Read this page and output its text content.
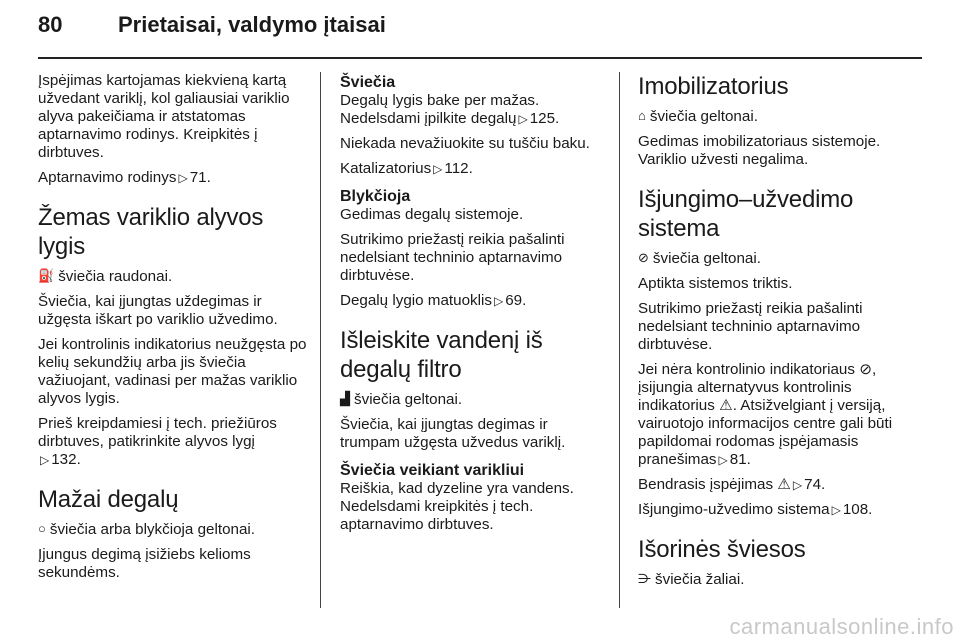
80	Prietaisai, valdymo įtaisai

Įspėjimas kartojamas kiekvieną kartą užvedant variklį, kol galiausiai variklio alyva pakeičiama ir atstatomas aptarnavimo rodinys. Kreipkitės į dirbtuves.

Aptarnavimo rodinys ▷ 71.

Žemas variklio alyvos lygis

⛽ šviečia raudonai.

Šviečia, kai įjungtas uždegimas ir užgęsta iškart po variklio užvedimo.

Jei kontrolinis indikatorius neužgęsta po kelių sekundžių arba jis šviečia važiuojant, vadinasi per mažas variklio alyvos lygis.

Prieš kreipdamiesi į tech. priežiūros dirbtuves, patikrinkite alyvos lygį
▷ 132.

Mažai degalų

○ šviečia arba blykčioja geltonai.

Įjungus degimą įsižiebs kelioms sekundėms.

Šviečia

Degalų lygis bake per mažas.
Nedelsdami įpilkite degalų ▷ 125.

Niekada nevažiuokite su tuščiu baku.

Katalizatorius ▷ 112.

Blykčioja

Gedimas degalų sistemoje.

Sutrikimo priežastį reikia pašalinti nedelsiant techninio aptarnavimo dirbtuvėse.

Degalų lygio matuoklis ▷ 69.

Išleiskite vandenį iš degalų filtro

▟ šviečia geltonai.

Šviečia, kai įjungtas degimas ir trumpam užgęsta užvedus variklį.

Šviečia veikiant varikliui

Reiškia, kad dyzeline yra vandens. Nedelsdami kreipkitės į tech. aptarnavimo dirbtuves.

Imobilizatorius

⌂ šviečia geltonai.

Gedimas imobilizatoriaus sistemoje. Variklio užvesti negalima.

Išjungimo–užvedimo sistema

⊘ šviečia geltonai.

Aptikta sistemos triktis.

Sutrikimo priežastį reikia pašalinti nedelsiant techninio aptarnavimo dirbtuvėse.

Jei nėra kontrolinio indikatoriaus ⊘, įsijungia alternatyvus kontrolinis indikatorius ⚠. Atsižvelgiant į versiją, vairuotojo informacijos centre gali būti papildomai rodomas įspėjamasis pranešimas ▷ 81.

Bendrasis įspėjimas ⚠ ▷ 74.

Išjungimo-užvedimo sistema ▷ 108.

Išorinės šviesos

⋺ šviečia žaliai.

carmanualsonline.info
